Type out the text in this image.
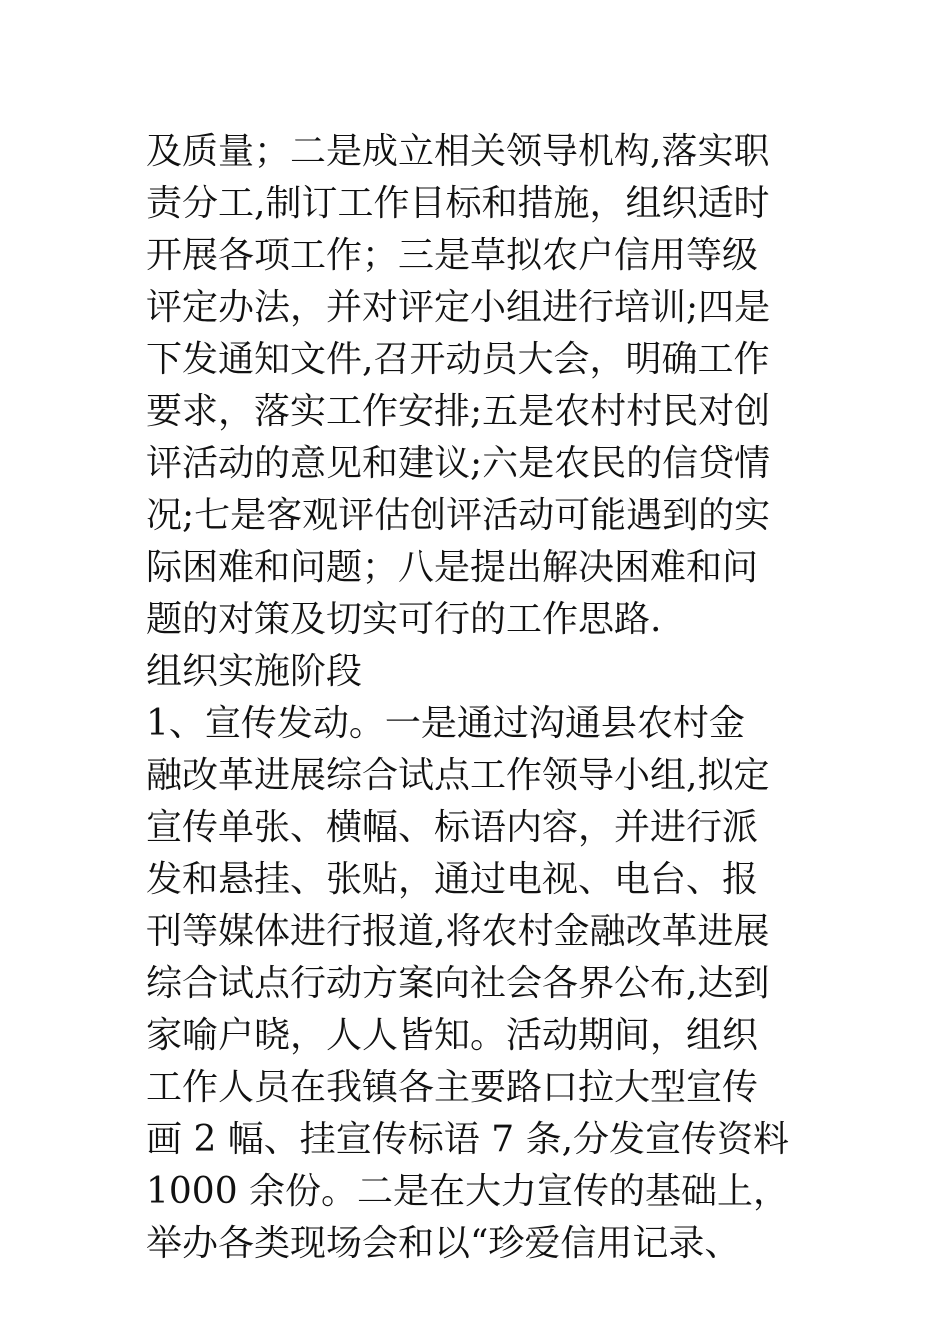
及质量；二是成立相关领导机构,落实职
责分工,制订工作目标和措施，组织适时
开展各项工作；三是草拟农户信用等级
评定办法，并对评定小组进行培训;四是
下发通知文件,召开动员大会，明确工作
要求，落实工作安排;五是农村村民对创
评活动的意见和建议;六是农民的信贷情
况;七是客观评估创评活动可能遇到的实
际困难和问题；八是提出解决困难和问
题的对策及切实可行的工作思路.
组织实施阶段
1、宣传发动。一是通过沟通县农村金
融改革进展综合试点工作领导小组,拟定
宣传单张、横幅、标语内容，并进行派
发和悬挂、张贴，通过电视、电台、报
刊等媒体进行报道,将农村金融改革进展
综合试点行动方案向社会各界公布,达到
家喻户晓，人人皆知。活动期间，组织
工作人员在我镇各主要路口拉大型宣传
画 2 幅、挂宣传标语 7 条,分发宣传资料
1000 余份。二是在大力宣传的基础上，
举办各类现场会和以“珍爱信用记录、
